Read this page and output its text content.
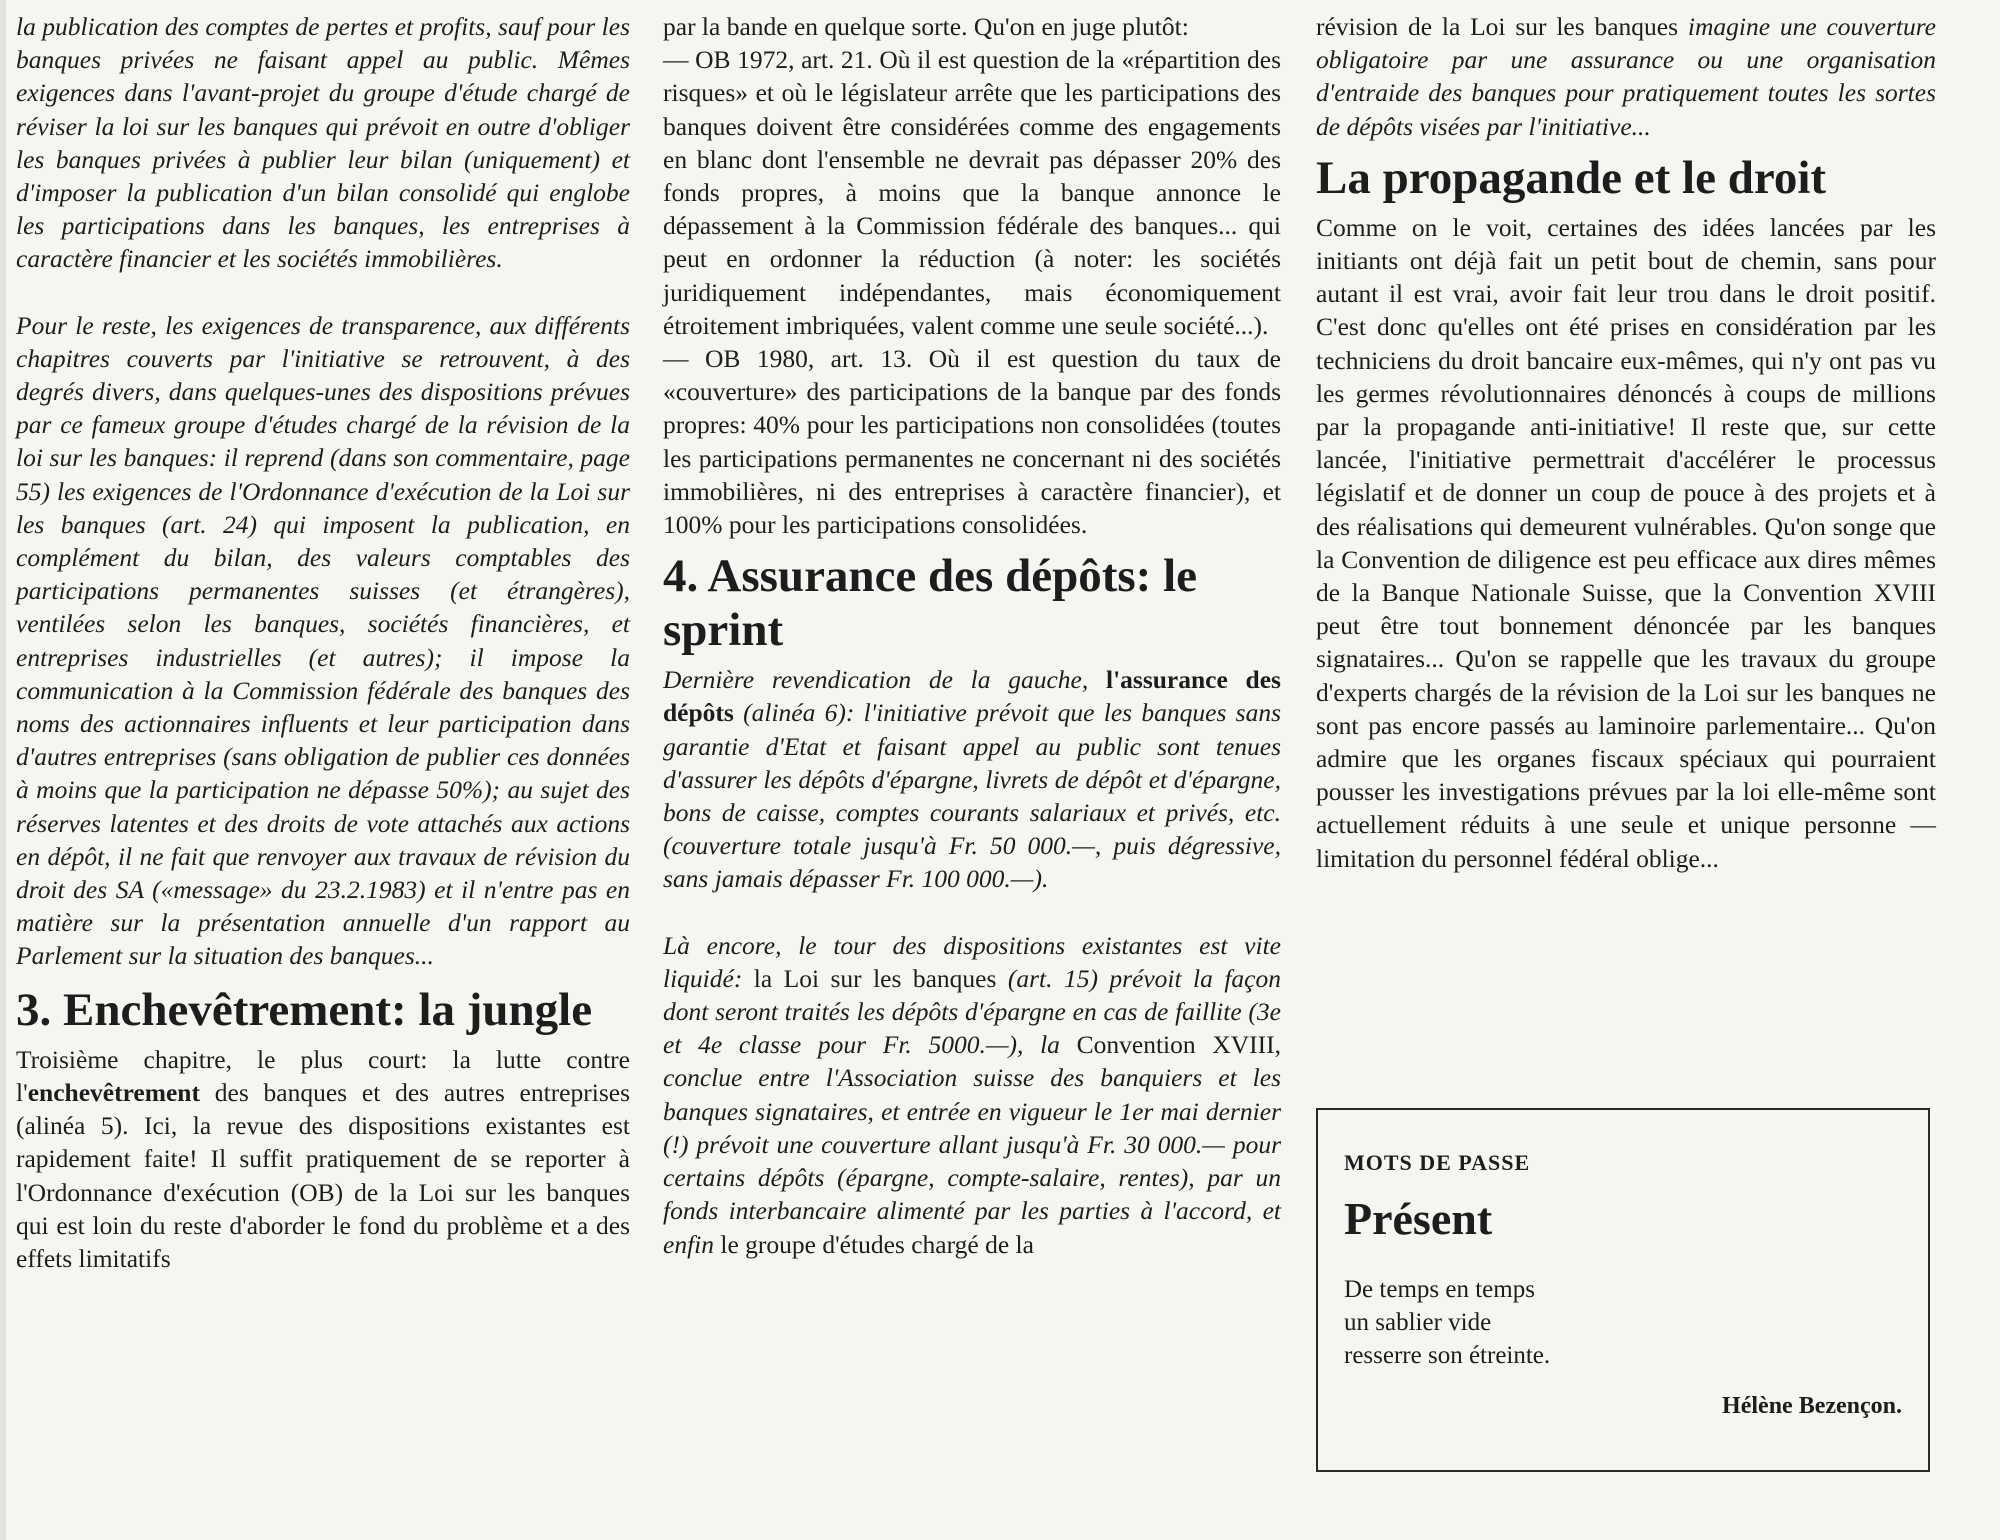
la publication des comptes de pertes et profits, sauf pour les banques privées ne faisant appel au public. Mêmes exigences dans l'avant-projet du groupe d'étude chargé de réviser la loi sur les banques qui prévoit en outre d'obliger les banques privées à publier leur bilan (uniquement) et d'imposer la publication d'un bilan consolidé qui englobe les participations dans les banques, les entreprises à caractère financier et les sociétés immobilières.

Pour le reste, les exigences de transparence, aux différents chapitres couverts par l'initiative se retrouvent, à des degrés divers, dans quelques-unes des dispositions prévues par ce fameux groupe d'études chargé de la révision de la loi sur les banques: il reprend (dans son commentaire, page 55) les exigences de l'Ordonnance d'exécution de la Loi sur les banques (art. 24) qui imposent la publication, en complément du bilan, des valeurs comptables des participations permanentes suisses (et étrangères), ventilées selon les banques, sociétés financières, et entreprises industrielles (et autres); il impose la communication à la Commission fédérale des banques des noms des actionnaires influents et leur participation dans d'autres entreprises (sans obligation de publier ces données à moins que la participation ne dépasse 50%); au sujet des réserves latentes et des droits de vote attachés aux actions en dépôt, il ne fait que renvoyer aux travaux de révision du droit des SA («message» du 23.2.1983) et il n'entre pas en matière sur la présentation annuelle d'un rapport au Parlement sur la situation des banques...

3. Enchevêtrement: la jungle

Troisième chapitre, le plus court: la lutte contre l'enchevêtrement des banques et des autres entreprises (alinéa 5). Ici, la revue des dispositions existantes est rapidement faite! Il suffit pratiquement de se reporter à l'Ordonnance d'exécution (OB) de la Loi sur les banques qui est loin du reste d'aborder le fond du problème et a des effets limitatifs

par la bande en quelque sorte. Qu'on en juge plutôt:

— OB 1972, art. 21. Où il est question de la «répartition des risques» et où le législateur arrête que les participations des banques doivent être considérées comme des engagements en blanc dont l'ensemble ne devrait pas dépasser 20% des fonds propres, à moins que la banque annonce le dépassement à la Commission fédérale des banques... qui peut en ordonner la réduction (à noter: les sociétés juridiquement indépendantes, mais économiquement étroitement imbriquées, valent comme une seule société...).

— OB 1980, art. 13. Où il est question du taux de «couverture» des participations de la banque par des fonds propres: 40% pour les participations non consolidées (toutes les participations permanentes ne concernant ni des sociétés immobilières, ni des entreprises à caractère financier), et 100% pour les participations consolidées.

4. Assurance des dépôts: le sprint

Dernière revendication de la gauche, l'assurance des dépôts (alinéa 6): l'initiative prévoit que les banques sans garantie d'Etat et faisant appel au public sont tenues d'assurer les dépôts d'épargne, livrets de dépôt et d'épargne, bons de caisse, comptes courants salariaux et privés, etc. (couverture totale jusqu'à Fr. 50 000.—, puis dégressive, sans jamais dépasser Fr. 100 000.—).

Là encore, le tour des dispositions existantes est vite liquidé: la Loi sur les banques (art. 15) prévoit la façon dont seront traités les dépôts d'épargne en cas de faillite (3e et 4e classe pour Fr. 5000.—), la Convention XVIII, conclue entre l'Association suisse des banquiers et les banques signataires, et entrée en vigueur le 1er mai dernier (!) prévoit une couverture allant jusqu'à Fr. 30 000.— pour certains dépôts (épargne, compte-salaire, rentes), par un fonds interbancaire alimenté par les parties à l'accord, et enfin le groupe d'études chargé de la

révision de la Loi sur les banques imagine une couverture obligatoire par une assurance ou une organisation d'entraide des banques pour pratiquement toutes les sortes de dépôts visées par l'initiative...

La propagande et le droit

Comme on le voit, certaines des idées lancées par les initiants ont déjà fait un petit bout de chemin, sans pour autant il est vrai, avoir fait leur trou dans le droit positif. C'est donc qu'elles ont été prises en considération par les techniciens du droit bancaire eux-mêmes, qui n'y ont pas vu les germes révolutionnaires dénoncés à coups de millions par la propagande anti-initiative! Il reste que, sur cette lancée, l'initiative permettrait d'accélérer le processus législatif et de donner un coup de pouce à des projets et à des réalisations qui demeurent vulnérables. Qu'on songe que la Convention de diligence est peu efficace aux dires mêmes de la Banque Nationale Suisse, que la Convention XVIII peut être tout bonnement dénoncée par les banques signataires... Qu'on se rappelle que les travaux du groupe d'experts chargés de la révision de la Loi sur les banques ne sont pas encore passés au laminoire parlementaire... Qu'on admire que les organes fiscaux spéciaux qui pourraient pousser les investigations prévues par la loi elle-même sont actuellement réduits à une seule et unique personne — limitation du personnel fédéral oblige...

MOTS DE PASSE
Présent
De temps en temps
un sablier vide
resserre son étreinte.
Hélène Bezençon.
